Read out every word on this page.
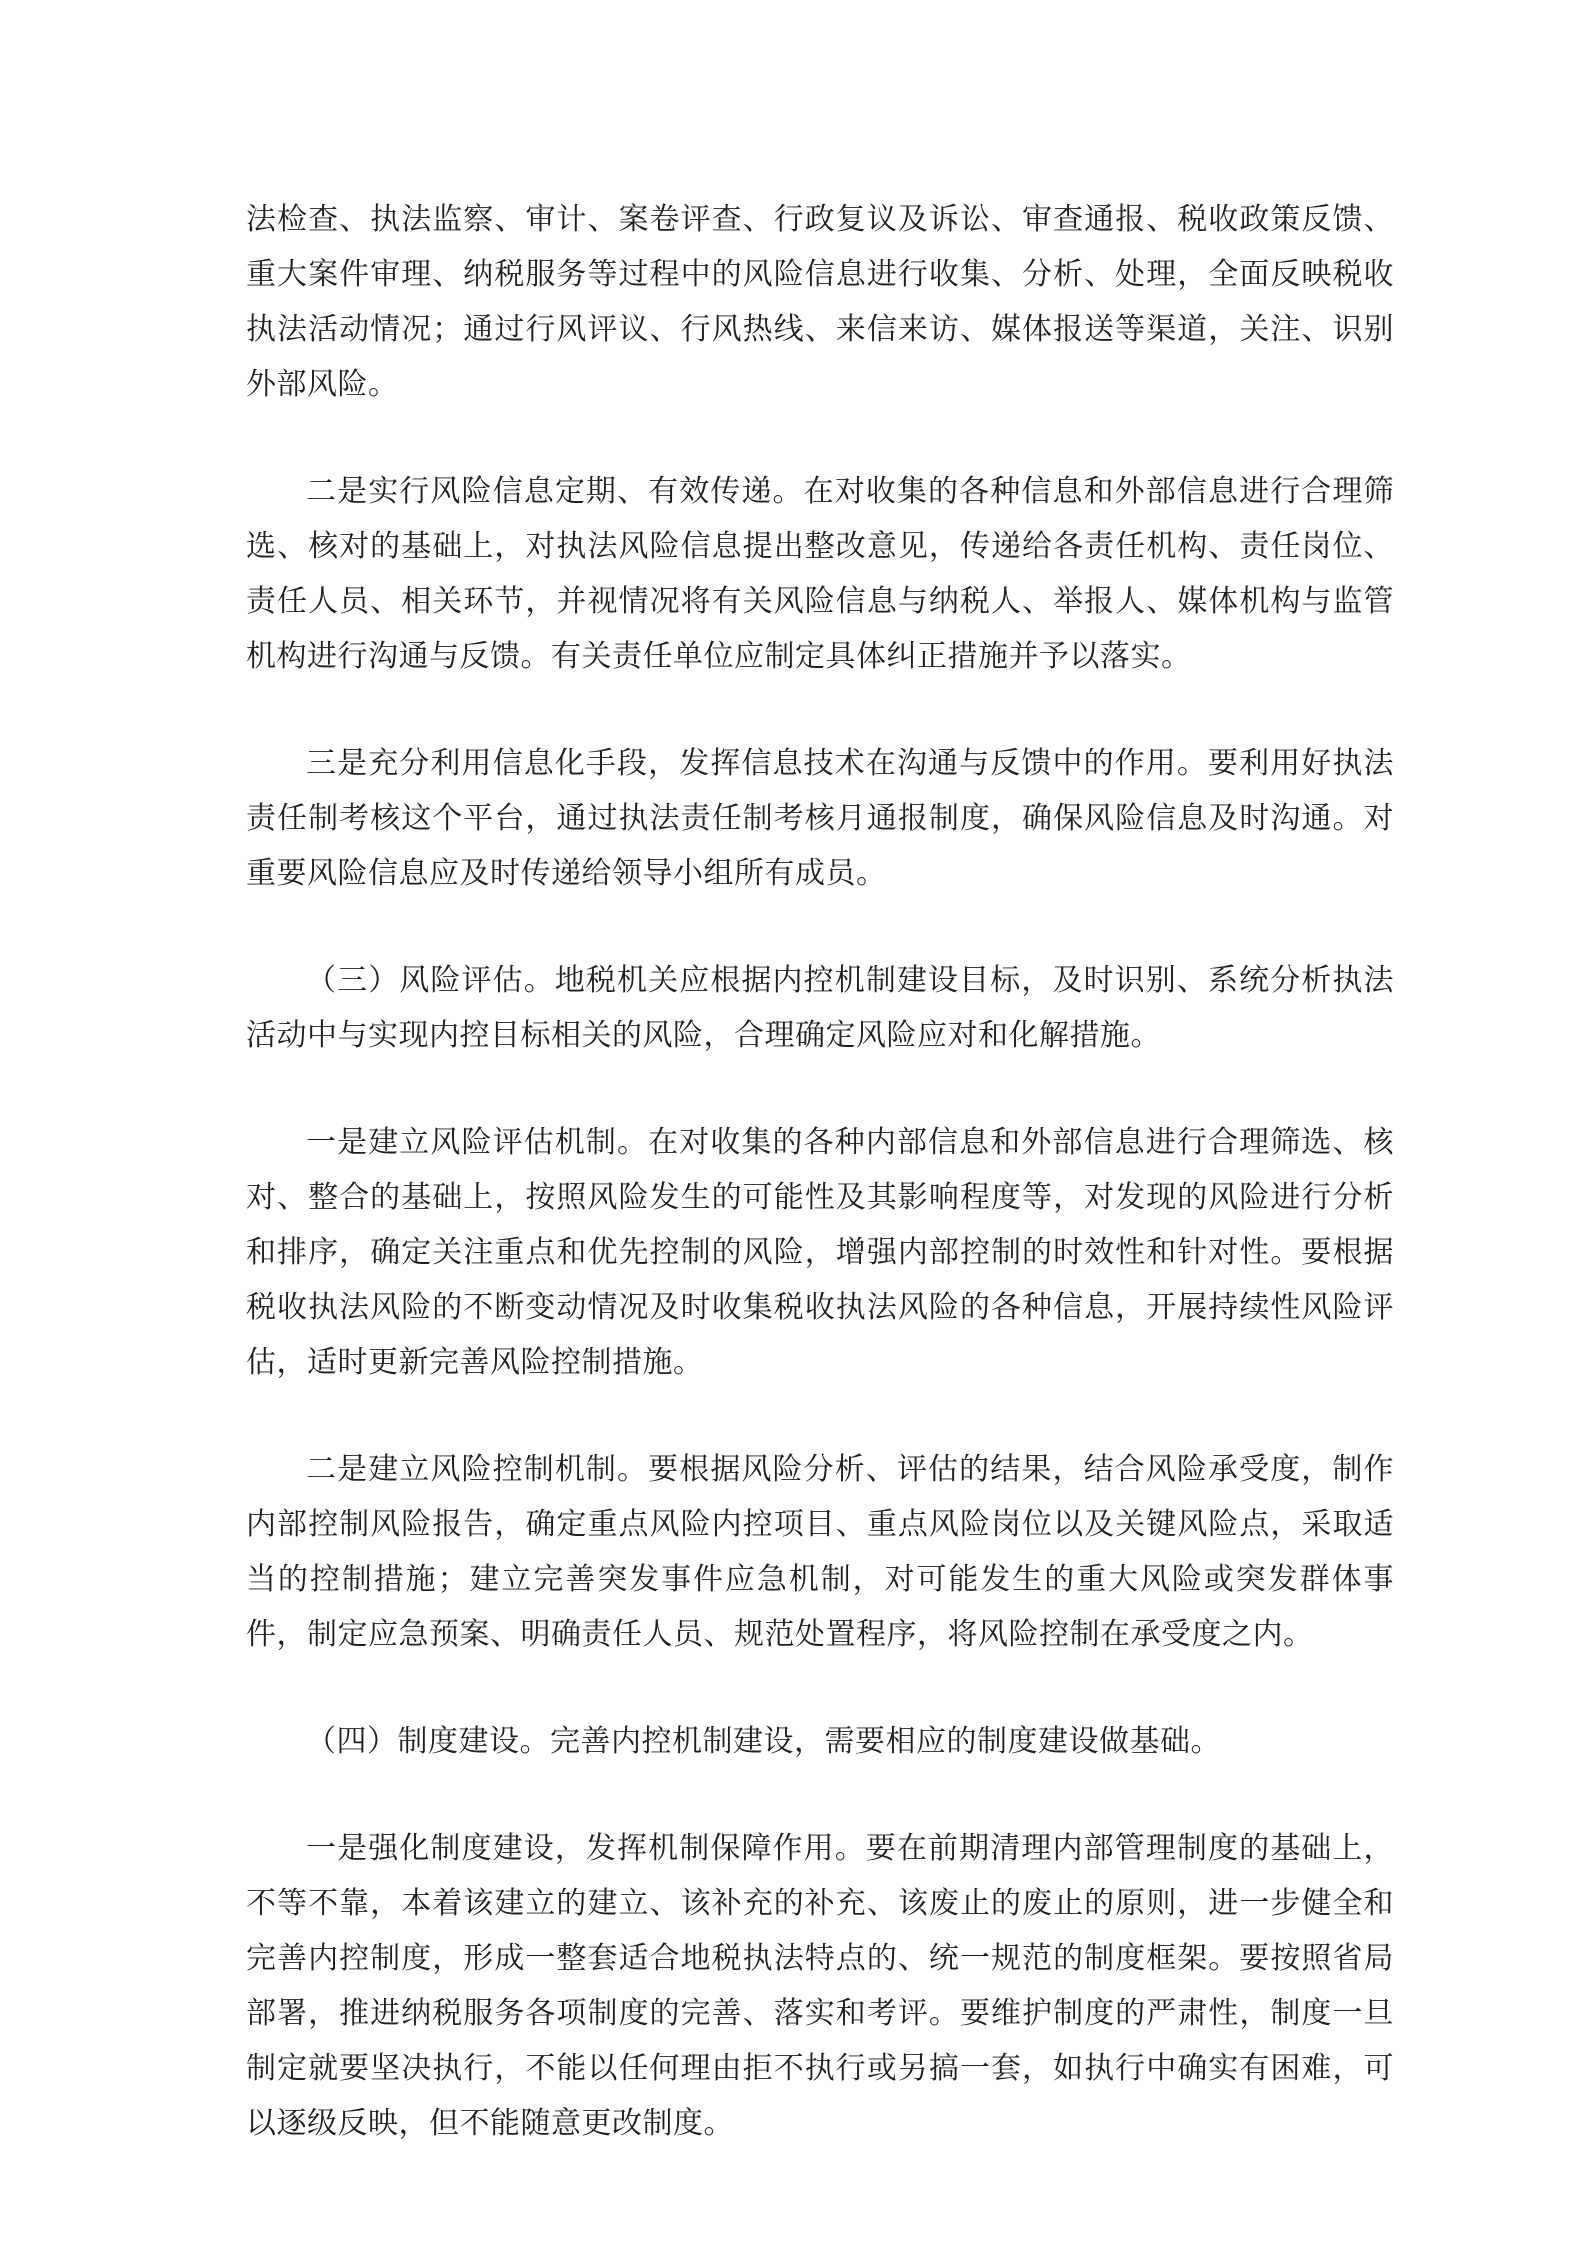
法检查、执法监察、审计、案卷评查、行政复议及诉讼、审查通报、税收政策反馈、重大案件审理、纳税服务等过程中的风险信息进行收集、分析、处理，全面反映税收执法活动情况；通过行风评议、行风热线、来信来访、媒体报送等渠道，关注、识别外部风险。

二是实行风险信息定期、有效传递。在对收集的各种信息和外部信息进行合理筛选、核对的基础上，对执法风险信息提出整改意见，传递给各责任机构、责任岗位、责任人员、相关环节，并视情况将有关风险信息与纳税人、举报人、媒体机构与监管机构进行沟通与反馈。有关责任单位应制定具体纠正措施并予以落实。

三是充分利用信息化手段，发挥信息技术在沟通与反馈中的作用。要利用好执法责任制考核这个平台，通过执法责任制考核月通报制度，确保风险信息及时沟通。对重要风险信息应及时传递给领导小组所有成员。

（三）风险评估。地税机关应根据内控机制建设目标，及时识别、系统分析执法活动中与实现内控目标相关的风险，合理确定风险应对和化解措施。

一是建立风险评估机制。在对收集的各种内部信息和外部信息进行合理筛选、核对、整合的基础上，按照风险发生的可能性及其影响程度等，对发现的风险进行分析和排序，确定关注重点和优先控制的风险，增强内部控制的时效性和针对性。要根据税收执法风险的不断变动情况及时收集税收执法风险的各种信息，开展持续性风险评估，适时更新完善风险控制措施。

二是建立风险控制机制。要根据风险分析、评估的结果，结合风险承受度，制作内部控制风险报告，确定重点风险内控项目、重点风险岗位以及关键风险点，采取适当的控制措施；建立完善突发事件应急机制，对可能发生的重大风险或突发群体事件，制定应急预案、明确责任人员、规范处置程序，将风险控制在承受度之内。

（四）制度建设。完善内控机制建设，需要相应的制度建设做基础。

一是强化制度建设，发挥机制保障作用。要在前期清理内部管理制度的基础上，不等不靠，本着该建立的建立、该补充的补充、该废止的废止的原则，进一步健全和完善内控制度，形成一整套适合地税执法特点的、统一规范的制度框架。要按照省局部署，推进纳税服务各项制度的完善、落实和考评。要维护制度的严肃性，制度一旦制定就要坚决执行，不能以任何理由拒不执行或另搞一套，如执行中确实有困难，可以逐级反映，但不能随意更改制度。
